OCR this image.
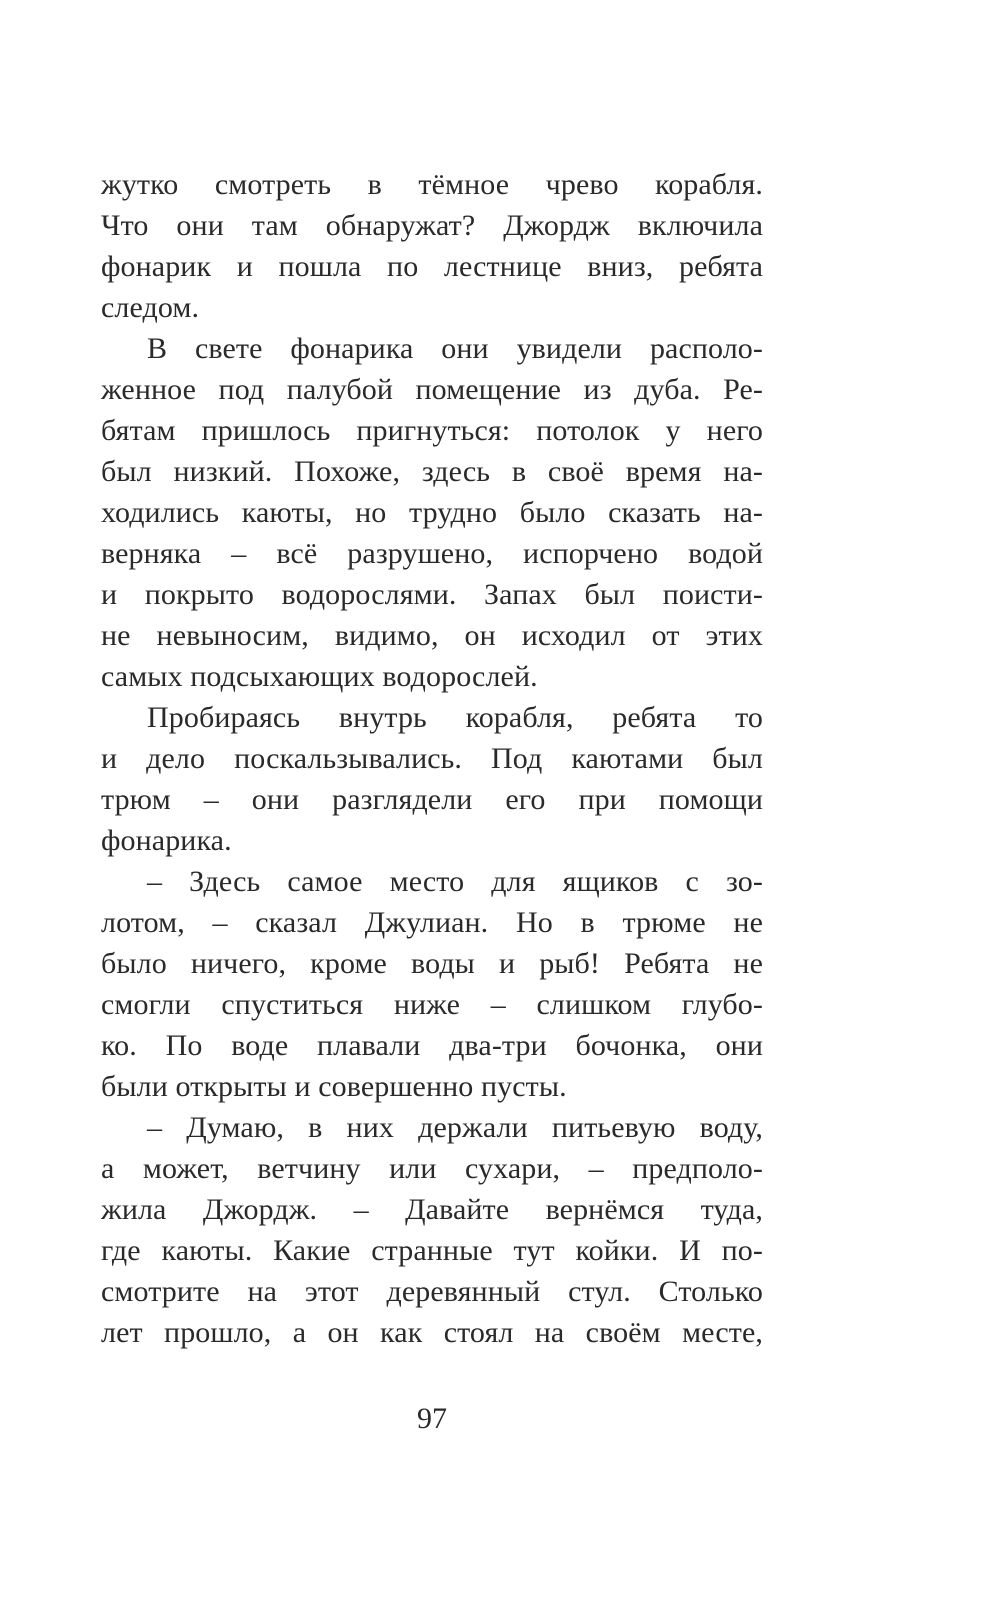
жутко смотреть в тёмное чрево корабля.
Что они там обнаружат? Джордж включила
фонарик и пошла по лестнице вниз, ребята
следом.
В свете фонарика они увидели располо-
женное под палубой помещение из дуба. Ре-
бятам пришлось пригнуться: потолок у него
был низкий. Похоже, здесь в своё время на-
ходились каюты, но трудно было сказать на-
верняка – всё разрушено, испорчено водой
и покрыто водорослями. Запах был поисти-
не невыносим, видимо, он исходил от этих
самых подсыхающих водорослей.
Пробираясь внутрь корабля, ребята то
и дело поскальзывались. Под каютами был
трюм – они разглядели его при помощи
фонарика.
– Здесь самое место для ящиков с зо-
лотом, – сказал Джулиан. Но в трюме не
было ничего, кроме воды и рыб! Ребята не
смогли спуститься ниже – слишком глубо-
ко. По воде плавали два-три бочонка, они
были открыты и совершенно пусты.
– Думаю, в них держали питьевую воду,
а может, ветчину или сухари, – предполо-
жила Джордж. – Давайте вернёмся туда,
где каюты. Какие странные тут койки. И по-
смотрите на этот деревянный стул. Столько
лет прошло, а он как стоял на своём месте,
97
